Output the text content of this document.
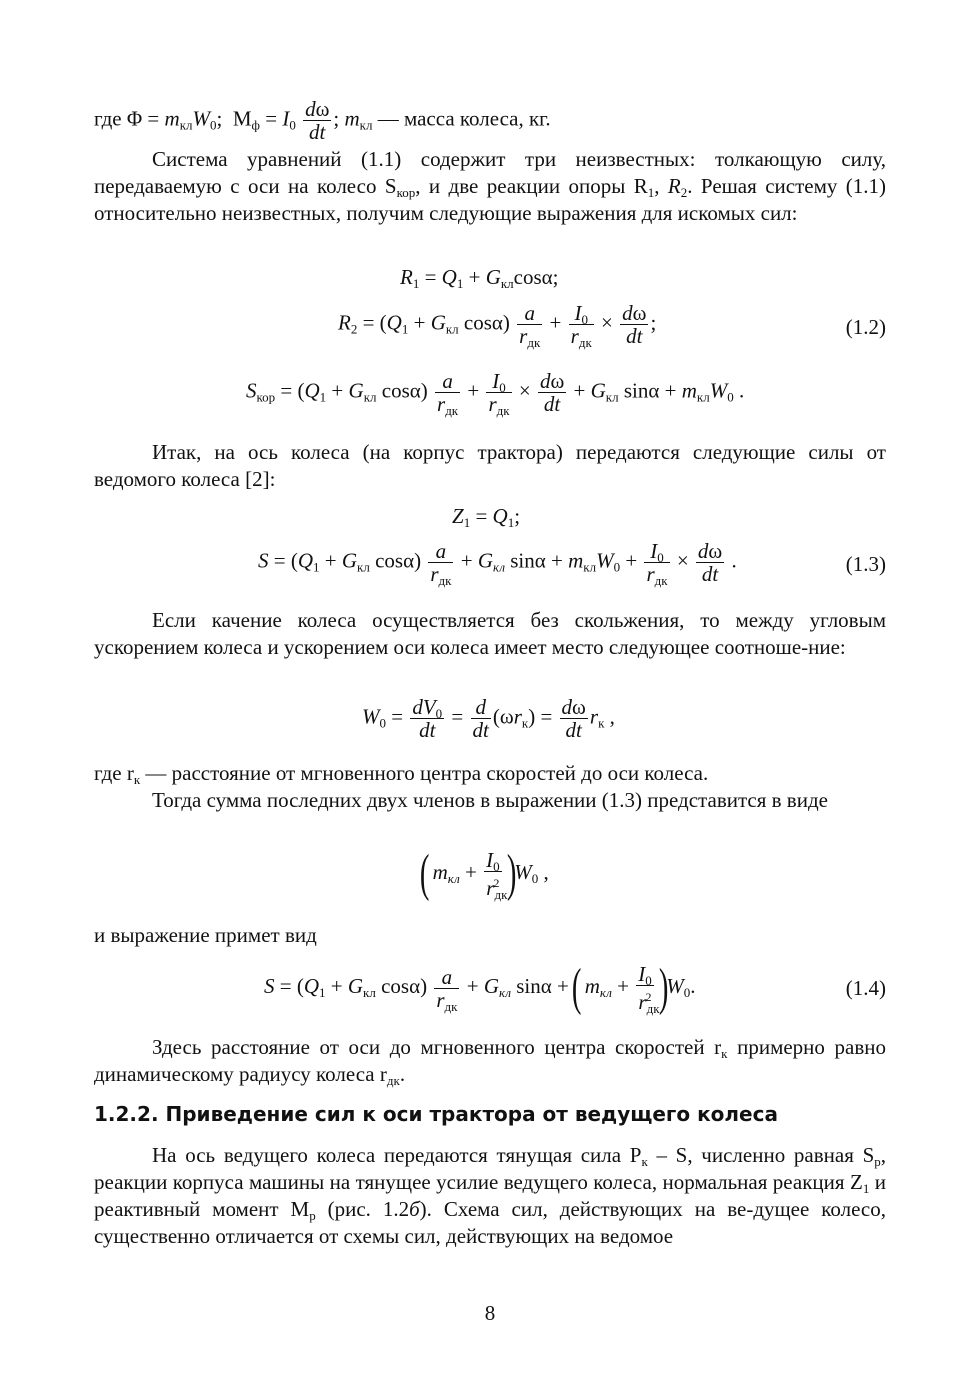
где $\Phi = m_{кл}W_0$;  $M_ф = I_0 \frac{d\omega}{dt}$ ; $m_{кл}$ — масса колеса, кг.
Система уравнений (1.1) содержит три неизвестных: толкающую силу, передаваемую с оси на колесо $S_{кор}$, и две реакции опоры $R_1$, $R_2$. Решая систему (1.1) относительно неизвестных, получим следующие выражения для искомых сил:
$R_1 = Q_1 + G_{кл}\cos\alpha$;
$R_2 = (Q_1 + G_{кл}$ $\cos\alpha) \frac{a}{r_{дк}} + \frac{I_0}{r_{дк}} \times \frac{d\omega}{dt}$ ;	(1.2)
$S_{кор} = (Q_1 + G_{кл}$ $\cos\alpha) \frac{a}{r_{дк}} + \frac{I_0}{r_{дк}} \times \frac{d\omega}{dt} + G_{кл}$ $\sin\alpha + m_{кл}W_0$ .
Итак, на ось колеса (на корпус трактора) передаются следующие силы от ведомого колеса [2]:
$Z_1 = Q_1$;
$S = (Q_1 + G_{кл}$ $\cos\alpha) \frac{a}{r_{дк}} + G_{кл}$ $\sin\alpha + m_{кл}W_0 + \frac{I_0}{r_{дк}} \times \frac{d\omega}{dt}$ .	(1.3)
Если качение колеса осуществляется без скольжения, то между угловым ускорением колеса и ускорением оси колеса имеет место следующее соотноше-ние:
$W_0 = \frac{dV_0}{dt} = \frac{d}{dt} (\omega r_к) = \frac{d\omega}{dt} r_к$ ,
где $r_к$ — расстояние от мгновенного центра скоростей до оси колеса.
Тогда сумма последних двух членов в выражении (1.3) представится в виде
( $m_{кл} + \frac{I_0}{r_{дк}^2} )W_0$ ,
и выражение примет вид
$S = (Q_1 + G_{кл}$ $\cos\alpha) \frac{a}{r_{дк}} + G_{кл}$ sinα + ( $m_{кл} + \frac{I_0}{r_{дк}^2} )W_0$.	(1.4)
Здесь расстояние от оси до мгновенного центра скоростей $r_к$ примерно равно динамическому радиусу колеса $r_{дк}$.
1.2.2. Приведение сил к оси трактора от ведущего колеса
На ось ведущего колеса передаются тянущая сила $P_к$ – S, численно равная $S_р$, реакции корпуса машины на тянущее усилие ведущего колеса, нормальная реакция $Z_1$ и реактивный момент $M_р$ (рис. 1.2б). Схема сил, действующих на ве-дущее колесо, существенно отличается от схемы сил, действующих на ведомое
8
